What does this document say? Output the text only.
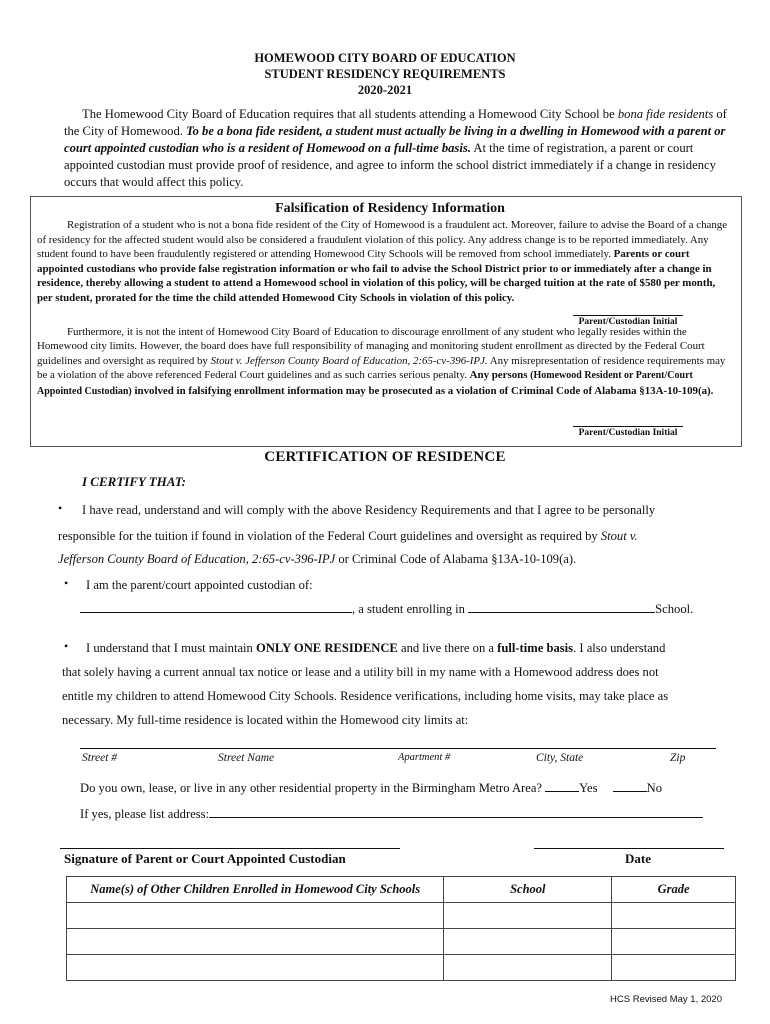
HOMEWOOD CITY BOARD OF EDUCATION
STUDENT RESIDENCY REQUIREMENTS
2020-2021
The Homewood City Board of Education requires that all students attending a Homewood City School be bona fide residents of the City of Homewood. To be a bona fide resident, a student must actually be living in a dwelling in Homewood with a parent or court appointed custodian who is a resident of Homewood on a full-time basis. At the time of registration, a parent or court appointed custodian must provide proof of residence, and agree to inform the school district immediately if a change in residency occurs that would affect this policy.
Falsification of Residency Information

Registration of a student who is not a bona fide resident of the City of Homewood is a fraudulent act. Moreover, failure to advise the Board of a change of residency for the affected student would also be considered a fraudulent violation of this policy. Any address change is to be reported immediately. Any student found to have been fraudulently registered or attending Homewood City Schools will be removed from school immediately. Parents or court appointed custodians who provide false registration information or who fail to advise the School District prior to or immediately after a change in residence, thereby allowing a student to attend a Homewood school in violation of this policy, will be charged tuition at the rate of $580 per month, per student, prorated for the time the child attended Homewood City Schools in violation of this policy.

Furthermore, it is not the intent of Homewood City Board of Education to discourage enrollment of any student who legally resides within the Homewood city limits. However, the board does have full responsibility of managing and monitoring student enrollment as directed by the Federal Court guidelines and oversight as required by Stout v. Jefferson County Board of Education, 2:65-cv-396-IPJ. Any misrepresentation of residence requirements may be a violation of the above referenced Federal Court guidelines and as such carries serious penalty. Any persons (Homewood Resident or Parent/Court Appointed Custodian) involved in falsifying enrollment information may be prosecuted as a violation of Criminal Code of Alabama §13A-10-109(a).

Parent/Custodian Initial
Parent/Custodian Initial
CERTIFICATION OF RESIDENCE
I CERTIFY THAT:
• I have read, understand and will comply with the above Residency Requirements and that I agree to be personally
responsible for the tuition if found in violation of the Federal Court guidelines and oversight as required by Stout v.
Jefferson County Board of Education, 2:65-cv-396-IPJ or Criminal Code of Alabama §13A-10-109(a).
• I am the parent/court appointed custodian of:
, a student enrolling in	School.
• I understand that I must maintain ONLY ONE RESIDENCE and live there on a full-time basis. I also understand
that solely having a current annual tax notice or lease and a utility bill in my name with a Homewood address does not
entitle my children to attend Homewood City Schools. Residence verifications, including home visits, may take place as
necessary. My full-time residence is located within the Homewood city limits at:
Street #	Street Name	Apartment #	City, State	Zip
Do you own, lease, or live in any other residential property in the Birmingham Metro Area?	Yes	No
If yes, please list address:
Signature of Parent or Court Appointed Custodian	Date
Name(s) of Other Children Enrolled in Homewood City Schools	School	Grade

HCS Revised May 1, 2020
